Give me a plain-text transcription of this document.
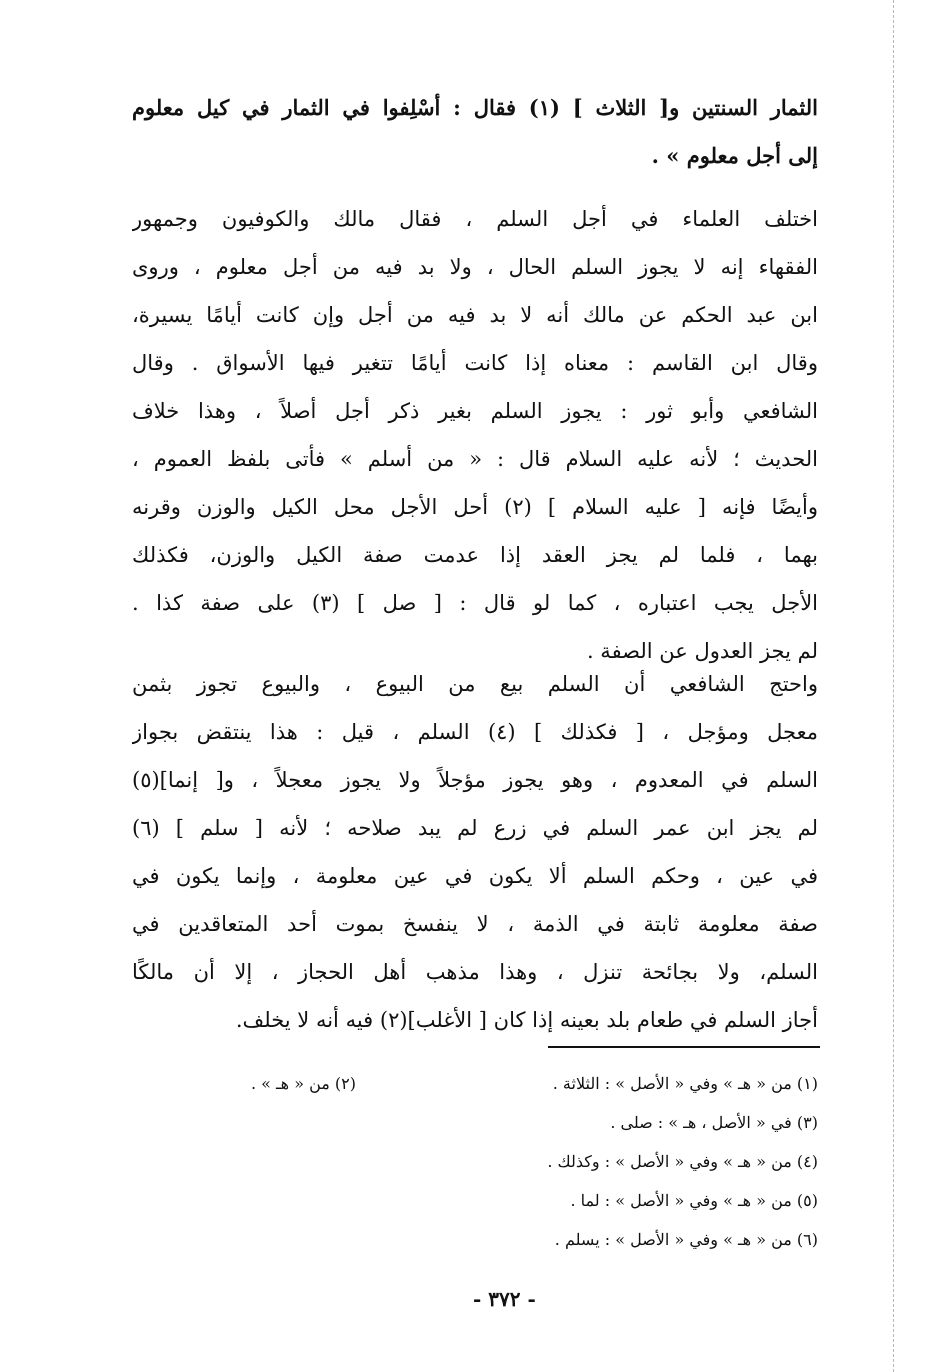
الثمار السنتين و[ الثلاث ] (١) فقال : أسْلِفوا في الثمار في كيل معلوم
إلى أجل معلوم » .
اختلف العلماء في أجل السلم ، فقال مالك والكوفيون وجمهور
الفقهاء إنه لا يجوز السلم الحال ، ولا بد فيه من أجل معلوم ، وروى
ابن عبد الحكم عن مالك أنه لا بد فيه من أجل وإن كانت أيامًا يسيرة،
وقال ابن القاسم : معناه إذا كانت أيامًا تتغير فيها الأسواق . وقال
الشافعي وأبو ثور : يجوز السلم بغير ذكر أجل أصلاً ، وهذا خلاف
الحديث ؛ لأنه عليه السلام قال : « من أسلم » فأتى بلفظ العموم ،
وأيضًا فإنه [ عليه السلام ] (٢) أحل الأجل محل الكيل والوزن وقرنه
بهما ، فلما لم يجز العقد إذا عدمت صفة الكيل والوزن، فكذلك
الأجل يجب اعتباره ، كما لو قال : [ صل ] (٣) على صفة كذا .
لم يجز العدول عن الصفة .
واحتج الشافعي أن السلم بيع من البيوع ، والبيوع تجوز بثمن
معجل ومؤجل ، [ فكذلك ] (٤) السلم ، قيل : هذا ينتقض بجواز
السلم في المعدوم ، وهو يجوز مؤجلاً ولا يجوز معجلاً ، و[ إنما](٥)
لم يجز ابن عمر السلم في زرع لم يبد صلاحه ؛ لأنه [ سلم ] (٦)
في عين ، وحكم السلم ألا يكون في عين معلومة ، وإنما يكون في
صفة معلومة ثابتة في الذمة ، لا ينفسخ بموت أحد المتعاقدين في
السلم، ولا بجائحة تنزل ، وهذا مذهب أهل الحجاز ، إلا أن مالكًا
أجاز السلم في طعام بلد بعينه إذا كان [ الأغلب](٢) فيه أنه لا يخلف.
(١) من « هـ » وفي « الأصل » : الثلاثة .
(٢) من « هـ » .
(٣) في « الأصل ، هـ » : صلى .
(٤) من « هـ » وفي « الأصل » : وكذلك .
(٥) من « هـ » وفي « الأصل » : لما .
(٦) من « هـ » وفي « الأصل » : يسلم .
- ٣٧٢ -
